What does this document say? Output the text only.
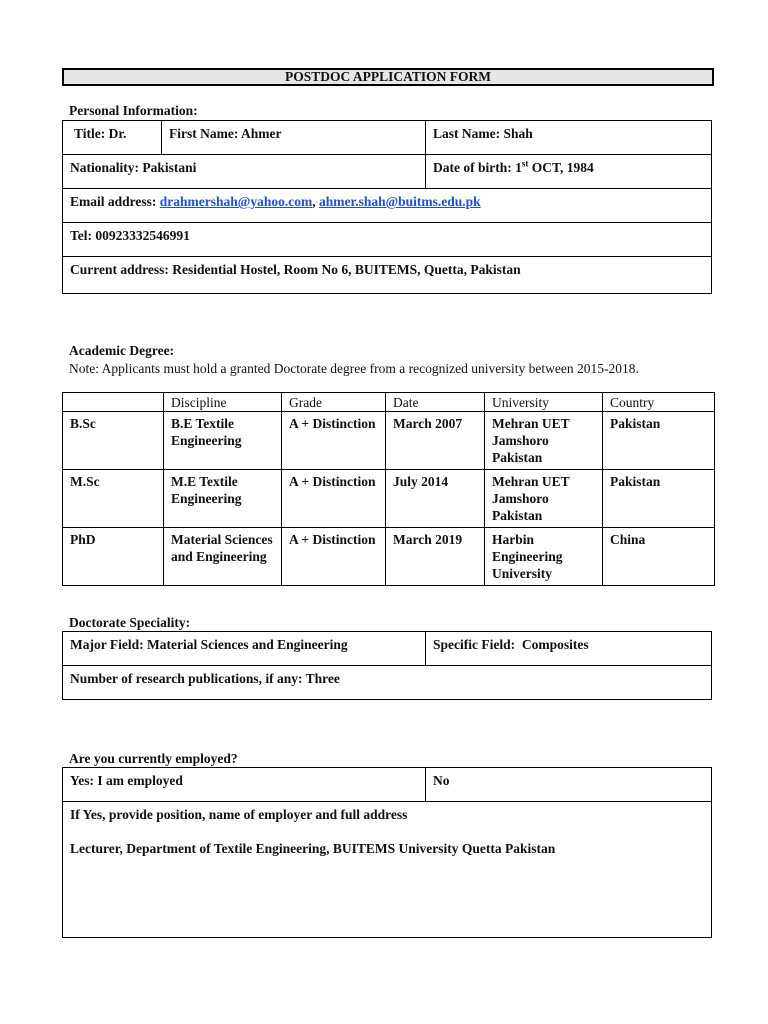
POSTDOC APPLICATION FORM
Personal Information:
Title: Dr.	First Name: Ahmer	Last Name: Shah
Nationality: Pakistani		Date of birth: 1st OCT, 1984
Email address: drahmershah@yahoo.com, ahmer.shah@buitms.edu.pk		
Tel: 00923332546991		
Current address: Residential Hostel, Room No 6, BUITEMS, Quetta, Pakistan		
Academic Degree:
Note: Applicants must hold a granted Doctorate degree from a recognized university between 2015-2018.
	Discipline	Grade	Date	University	Country
B.Sc	B.E Textile Engineering	A + Distinction	March 2007	Mehran UET Jamshoro Pakistan	Pakistan
M.Sc	M.E Textile Engineering	A + Distinction	July 2014	Mehran UET Jamshoro Pakistan	Pakistan
PhD	Material Sciences and Engineering	A + Distinction	March 2019	Harbin Engineering University	China
Doctorate Speciality:
Major Field: Material Sciences and Engineering	Specific Field:  Composites
Number of research publications, if any: Three
Are you currently employed?
Yes: I am employed	No

If Yes, provide position, name of employer and full address
Lecturer, Department of Textile Engineering, BUITEMS University Quetta Pakistan
